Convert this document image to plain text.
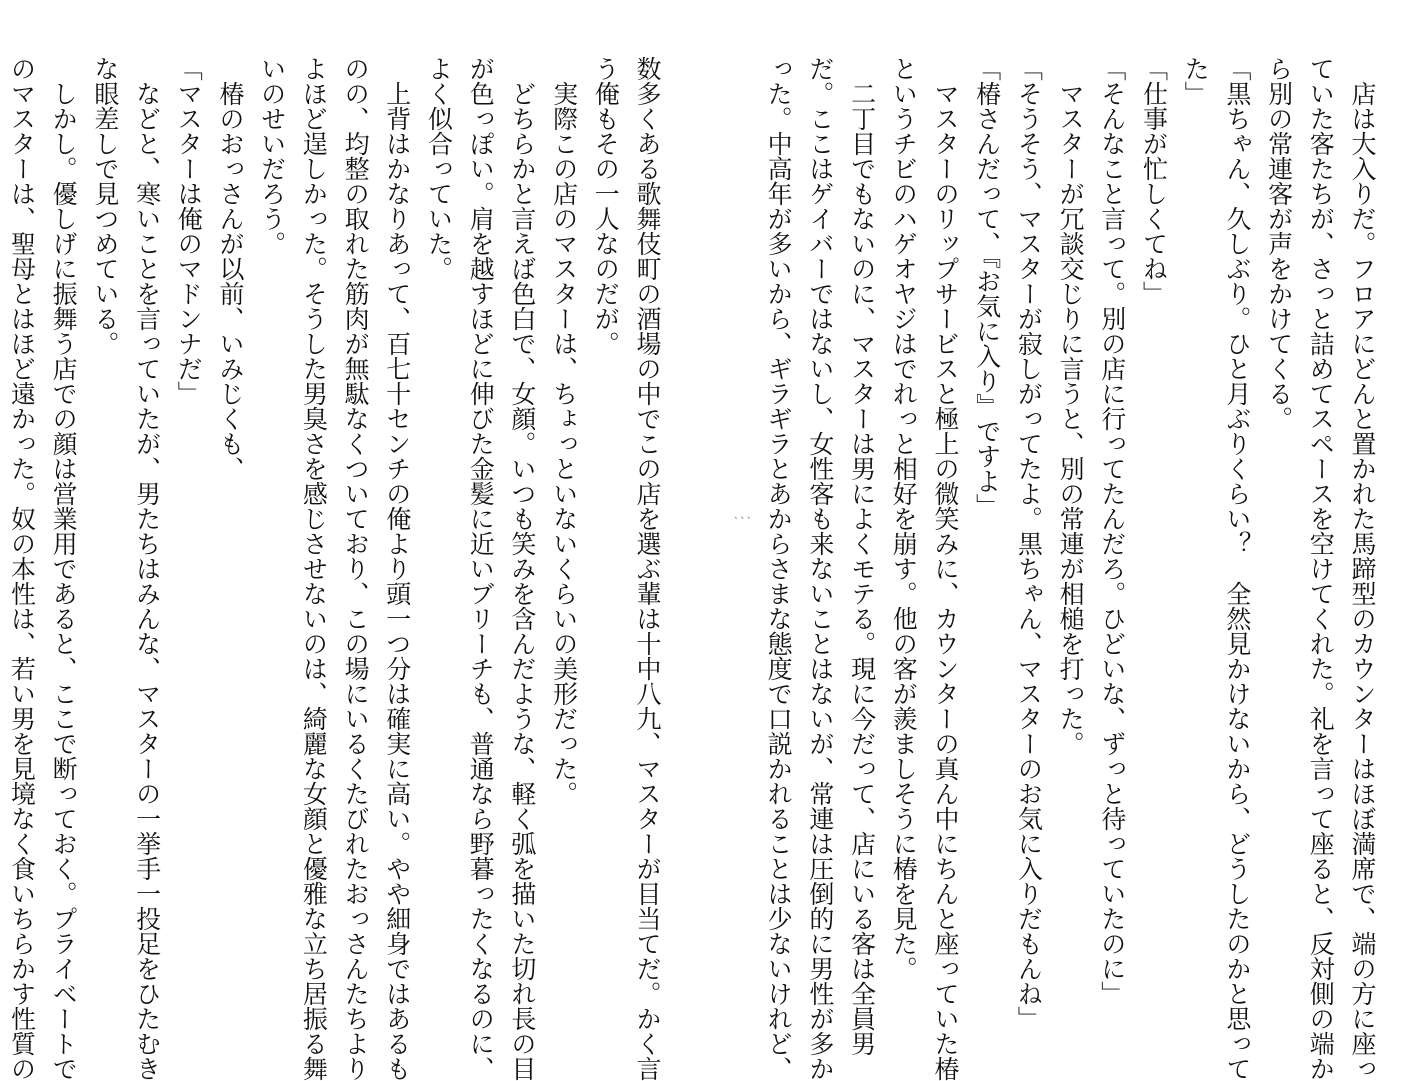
　店は大入りだ。フロアにどんと置かれた馬蹄型のカウンターはほぼ満席で、端の方に座っ

ていた客たちが、さっと詰めてスペースを空けてくれた。礼を言って座ると、反対側の端か

ら別の常連客が声をかけてくる。

「黒ちゃん、久しぶり。ひと月ぶりくらい？　全然見かけないから、どうしたのかと思って

た」

「仕事が忙しくてね」

「そんなこと言って。別の店に行ってたんだろ。ひどいな、ずっと待っていたのに」

　マスターが冗談交じりに言うと、別の常連が相槌を打った。

「そうそう、マスターが寂しがってたよ。黒ちゃん、マスターのお気に入りだもんね」

「椿さんだって、『お気に入り』ですよ」

　マスターのリップサービスと極上の微笑みに、カウンターの真ん中にちんと座っていた椿

というチビのハゲオヤジはでれっと相好を崩す。他の客が羨ましそうに椿を見た。

　二丁目でもないのに、マスターは男によくモテる。現に今だって、店にいる客は全員男

だ。ここはゲイバーではないし、女性客も来ないことはないが、常連は圧倒的に男性が多か

った。中高年が多いから、ギラギラとあからさまな態度で口説かれることは少ないけれど、

、、、

数多くある歌舞伎町の酒場の中でこの店を選ぶ輩は十中八九、マスターが目当てだ。かく言

う俺もその一人なのだが。

　実際この店のマスターは、ちょっといないくらいの美形だった。

　どちらかと言えば色白で、女顔。いつも笑みを含んだような、軽く弧を描いた切れ長の目

が色っぽい。肩を越すほどに伸びた金髪に近いブリーチも、普通なら野暮ったくなるのに、

よく似合っていた。

　上背はかなりあって、百七十センチの俺より頭一つ分は確実に高い。やや細身ではあるも

のの、均整の取れた筋肉が無駄なくついており、この場にいるくたびれたおっさんたちより

よほど逞しかった。そうした男臭さを感じさせないのは、綺麗な女顔と優雅な立ち居振る舞

いのせいだろう。

　椿のおっさんが以前、いみじくも、

「マスターは俺のマドンナだ」

　などと、寒いことを言っていたが、男たちはみんな、マスターの一挙手一投足をひたむき

な眼差しで見つめている。

　しかし。優しげに振舞う店での顔は営業用であると、ここで断っておく。プライベートで

のマスターは、聖母とはほど遠かった。奴の本性は、若い男を見境なく食いちらかす性質の
